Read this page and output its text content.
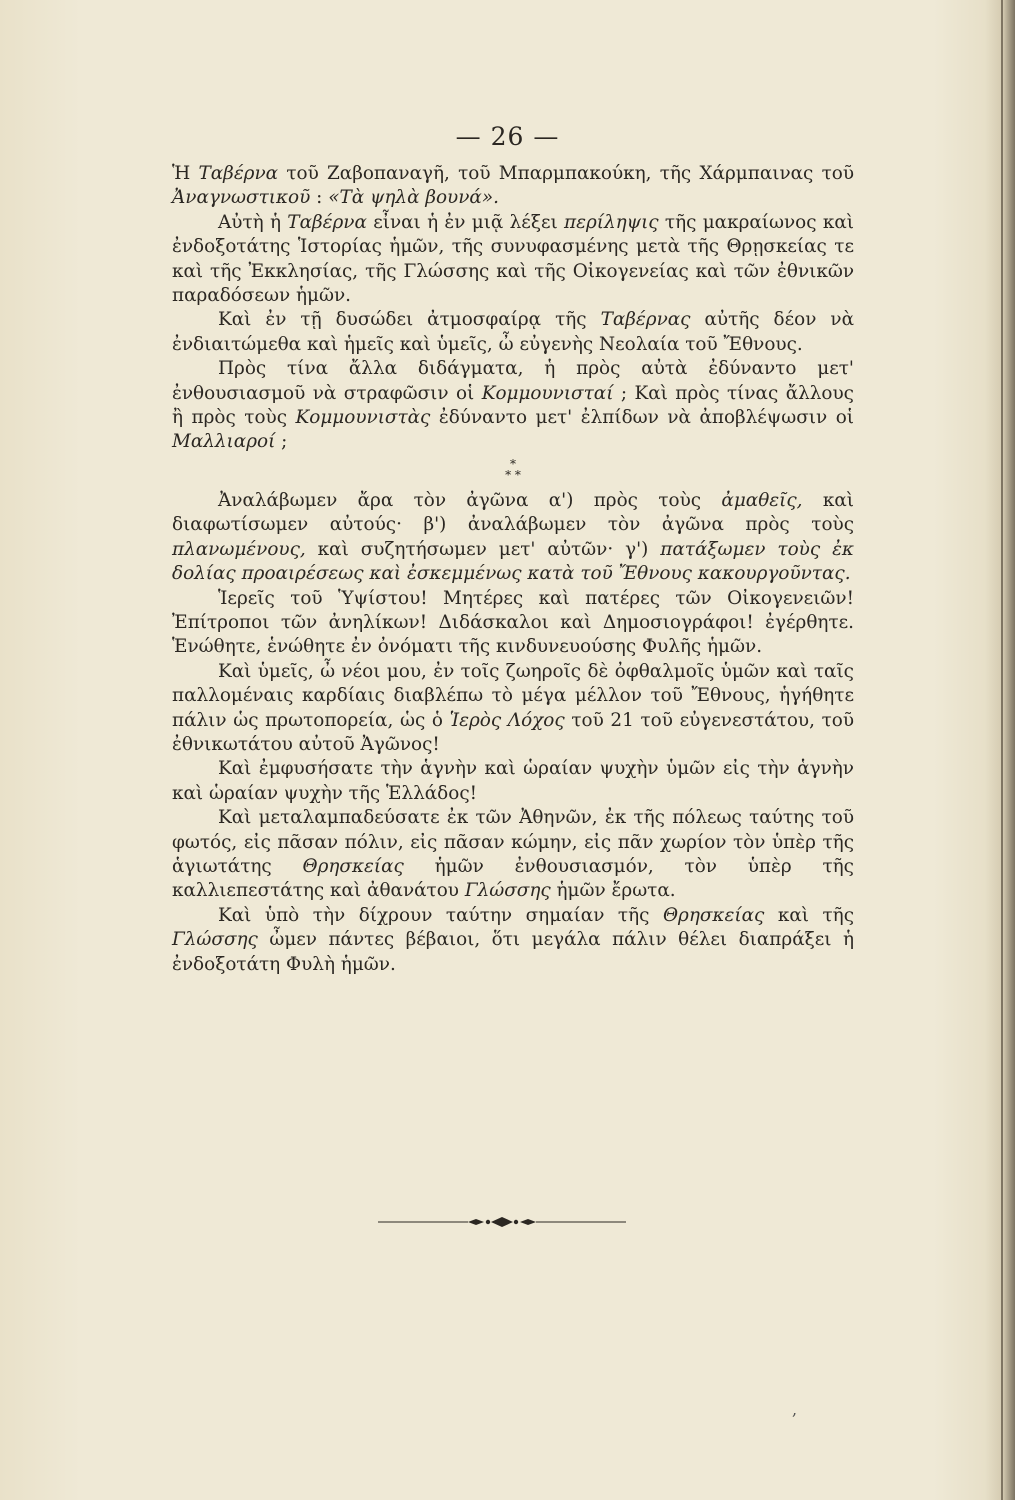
— 26 —

Ἡ Ταβέρνα τοῦ Ζαβοπαναγῆ, τοῦ Μπαρμπακούκη, τῆς Χάρμπαινας τοῦ Ἀναγνωστικοῦ : «Τὰ ψηλὰ βουνά».

Αὐτὴ ἡ Ταβέρνα εἶναι ἡ ἐν μιᾷ λέξει περίληψις τῆς μακραίωνος καὶ ἐνδοξοτάτης Ἱστορίας ἡμῶν, τῆς συνυφασμένης μετὰ τῆς Θρῃσκείας τε καὶ τῆς Ἐκκλησίας, τῆς Γλώσσης καὶ τῆς Οἰκογενείας καὶ τῶν ἐθνικῶν παραδόσεων ἡμῶν.

Καὶ ἐν τῇ δυσώδει ἀτμοσφαίρᾳ τῆς Ταβέρνας αὐτῆς δέον νὰ ἐνδιαιτώμεθα καὶ ἡμεῖς καὶ ὑμεῖς, ὦ εὐγενὴς Νεολαία τοῦ Ἔθνους.

Πρὸς τίνα ἄλλα διδάγματα, ἡ πρὸς αὐτὰ ἐδύναντο μετ' ἐνθουσιασμοῦ νὰ στραφῶσιν οἱ Κομμουνισταί ; Καὶ πρὸς τίνας ἄλλους ἢ πρὸς τοὺς Κομμουνιστὰς ἐδύναντο μετ' ἐλπίδων νὰ ἀποβλέψωσιν οἱ Μαλλιαροί ;

*
* *

Ἀναλάβωμεν ἄρα τὸν ἀγῶνα α') πρὸς τοὺς ἀμαθεῖς, καὶ διαφωτίσωμεν αὐτούς· β') ἀναλάβωμεν τὸν ἀγῶνα πρὸς τοὺς πλανωμένους, καὶ συζητήσωμεν μετ' αὐτῶν· γ') πατάξωμεν τοὺς ἐκ δολίας προαιρέσεως καὶ ἐσκεμμένως κατὰ τοῦ Ἔθνους κακουργοῦντας.

Ἱερεῖς τοῦ Ὑψίστου! Μητέρες καὶ πατέρες τῶν Οἰκογενειῶν! Ἐπίτροποι τῶν ἀνηλίκων! Διδάσκαλοι καὶ Δημοσιογράφοι! ἐγέρθητε. Ἑνώθητε, ἑνώθητε ἐν ὀνόματι τῆς κινδυνευούσης Φυλῆς ἡμῶν.

Καὶ ὑμεῖς, ὦ νέοι μου, ἐν τοῖς ζωηροῖς δὲ ὀφθαλμοῖς ὑμῶν καὶ ταῖς παλλομέναις καρδίαις διαβλέπω τὸ μέγα μέλλον τοῦ Ἔθνους, ἡγήθητε πάλιν ὡς πρωτοπορεία, ὡς ὁ Ἱερὸς Λόχος τοῦ 21 τοῦ εὐγενεστάτου, τοῦ ἐθνικωτάτου αὐτοῦ Ἀγῶνος!

Καὶ ἐμφυσήσατε τὴν ἁγνὴν καὶ ὡραίαν ψυχὴν ὑμῶν εἰς τὴν ἁγνὴν καὶ ὡραίαν ψυχὴν τῆς Ἑλλάδος!

Καὶ μεταλαμπαδεύσατε ἐκ τῶν Ἀθηνῶν, ἐκ τῆς πόλεως ταύτης τοῦ φωτός, εἰς πᾶσαν πόλιν, εἰς πᾶσαν κώμην, εἰς πᾶν χωρίον τὸν ὑπὲρ τῆς ἁγιωτάτης Θρησκείας ἡμῶν ἐνθουσιασμόν, τὸν ὑπὲρ τῆς καλλιεπεστάτης καὶ ἀθανάτου Γλώσσης ἡμῶν ἔρωτα.

Καὶ ὑπὸ τὴν δίχρουν ταύτην σημαίαν τῆς Θρησκείας καὶ τῆς Γλώσσης ὦμεν πάντες βέβαιοι, ὅτι μεγάλα πάλιν θέλει διαπράξει ἡ ἐνδοξοτάτη Φυλὴ ἡμῶν.

,
